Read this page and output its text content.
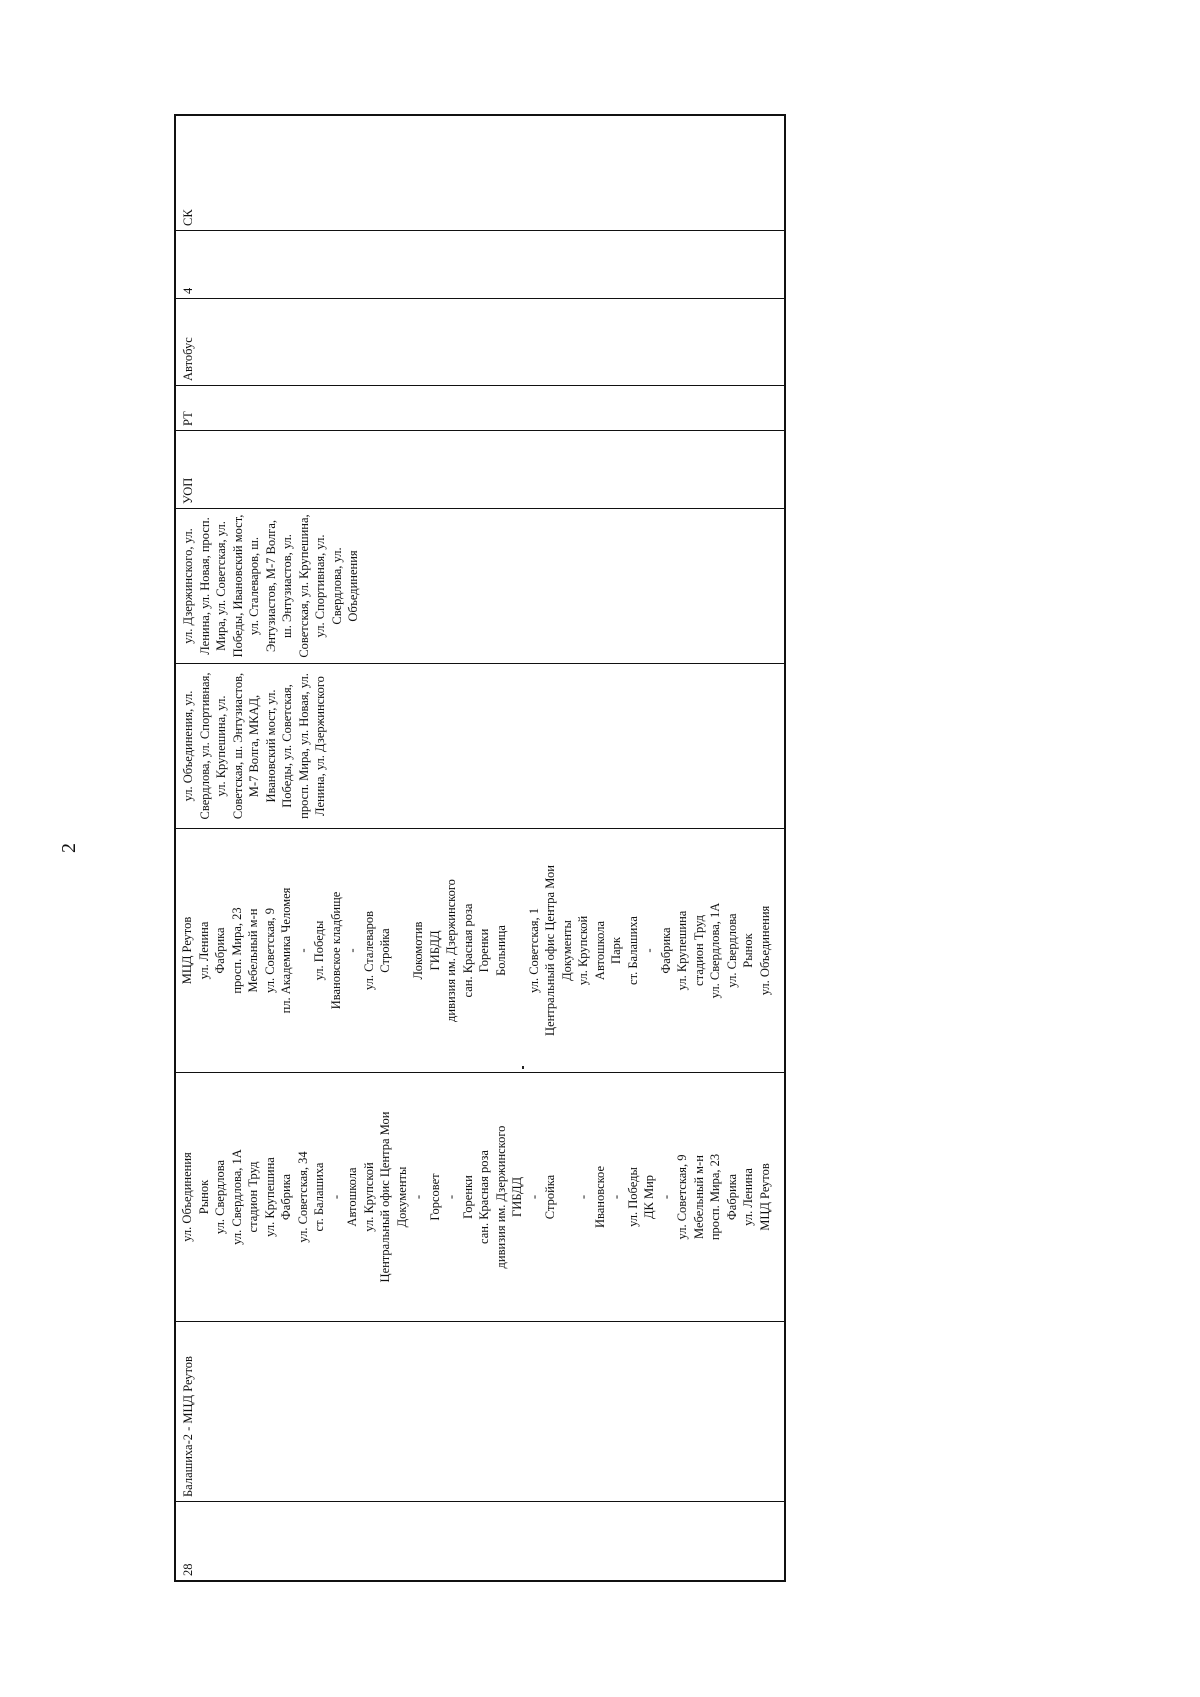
2
28
Балашиха-2 - МЦД Реутов
ул. Объединения Рынок ул. Свердлова ул. Свердлова, 1А стадион Труд ул. Крупешина Фабрика ул. Советская, 34 ст. Балашиха - Автошкола ул. Крупской Центральный офис Центра Мои Документы - Горсовет - Горенки сан. Красная роза дивизия им. Дзержинского ГИБДД - Стройка
- Ивановское - ул. Победы ДК Мир - ул. Советская, 9 Мебельный м-н просп. Мира, 23 Фабрика ул. Ленина МЦД Реутов
МЦД Реутов ул. Ленина Фабрика просп. Мира, 23 Мебельный м-н ул. Советская, 9 пл. Академика Челомея - ул. Победы Ивановское кладбище - ул. Сталеваров Стройка
Локомотив ГИБДД дивизия им. Дзержинского сан. Красная роза Горенки Больница
ул. Советская, 1 Центральный офис Центра Мои Документы ул. Крупской Автошкола Парк ст. Балашиха - Фабрика ул. Крупешина стадион Труд ул. Свердлова, 1А ул. Свердлова Рынок ул. Объединения
ул. Объединения, ул. Свердлова, ул. Спортивная, ул. Крупешина, ул. Советская, ш. Энтузиастов, М-7 Волга, МКАД, Ивановский мост, ул. Победы, ул. Советская, просп. Мира, ул. Новая, ул. Ленина, ул. Дзержинского
ул. Дзержинского, ул. Ленина, ул. Новая, просп. Мира, ул. Советская, ул. Победы, Ивановский мост, ул. Сталеваров, ш. Энтузиастов, М-7 Волга, ш. Энтузиастов, ул. Советская, ул. Крупешина, ул. Спортивная, ул. Свердлова, ул. Объединения
УОП
РТ
Автобус
4
СК
